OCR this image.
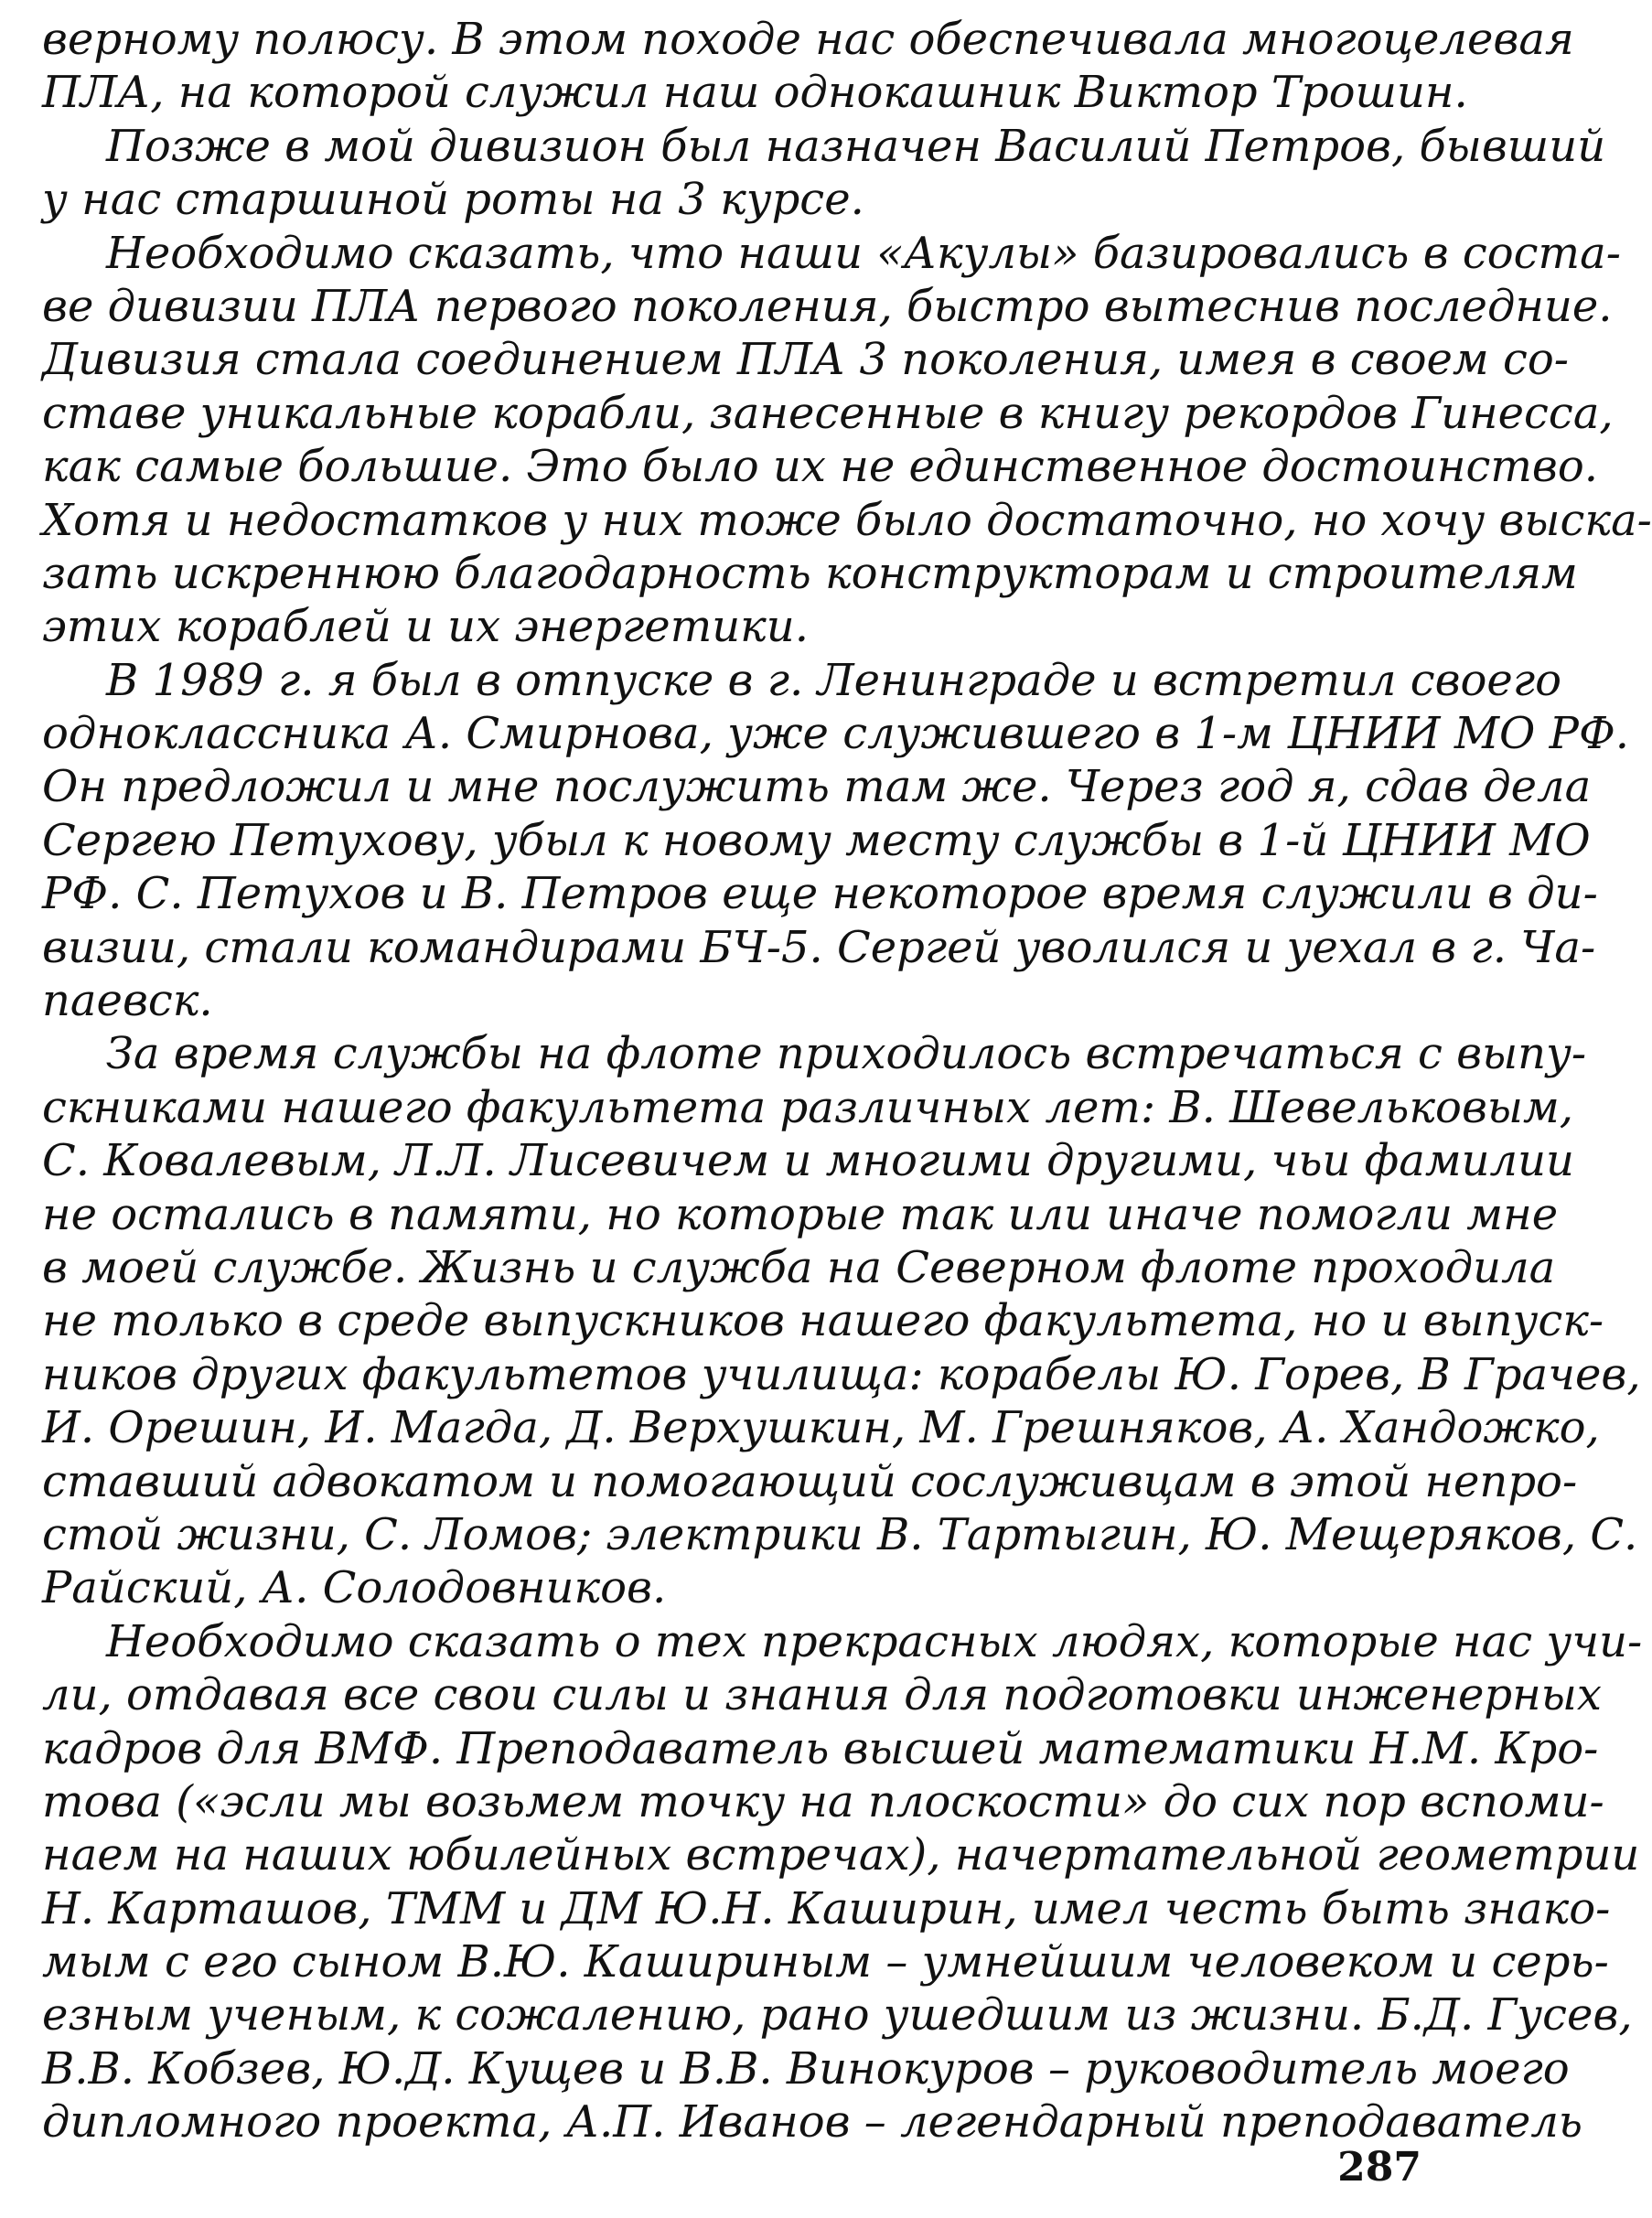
верному полюсу. В этом походе нас обеспечивала многоцелевая
ПЛА, на которой служил наш однокашник Виктор Трошин.
Позже в мой дивизион был назначен Василий Петров, бывший
у нас старшиной роты на 3 курсе.
Необходимо сказать, что наши «Акулы» базировались в соста-
ве дивизии ПЛА первого поколения, быстро вытеснив последние.
Дивизия стала соединением ПЛА 3 поколения, имея в своем со-
ставе уникальные корабли, занесенные в книгу рекордов Гинесса,
как самые большие. Это было их не единственное достоинство.
Хотя и недостатков у них тоже было достаточно, но хочу выска-
зать искреннюю благодарность конструкторам и строителям
этих кораблей и их энергетики.
В 1989 г. я был в отпуске в г. Ленинграде и встретил своего
одноклассника А. Смирнова, уже служившего в 1-м ЦНИИ МО РФ.
Он предложил и мне послужить там же. Через год я, сдав дела
Сергею Петухову, убыл к новому месту службы в 1-й ЦНИИ МО
РФ. С. Петухов и В. Петров еще некоторое время служили в ди-
визии, стали командирами БЧ-5. Сергей уволился и уехал в г. Ча-
паевск.
За время службы на флоте приходилось встречаться с выпу-
скниками нашего факультета различных лет: В. Шевельковым,
С. Ковалевым, Л.Л. Лисевичем и многими другими, чьи фамилии
не остались в памяти, но которые так или иначе помогли мне
в моей службе. Жизнь и служба на Северном флоте проходила
не только в среде выпускников нашего факультета, но и выпуск-
ников других факультетов училища: корабелы Ю. Горев, В Грачев,
И. Орешин, И. Магда, Д. Верхушкин, М. Грешняков, А. Хандожко,
ставший адвокатом и помогающий сослуживцам в этой непро-
стой жизни, С. Ломов; электрики В. Тартыгин, Ю. Мещеряков, С.
Райский, А. Солодовников.
Необходимо сказать о тех прекрасных людях, которые нас учи-
ли, отдавая все свои силы и знания для подготовки инженерных
кадров для ВМФ. Преподаватель высшей математики Н.М. Кро-
това («эсли мы возьмем точку на плоскости» до сих пор вспоми-
наем на наших юбилейных встречах), начертательной геометрии
Н. Карташов, ТММ и ДМ Ю.Н. Каширин, имел честь быть знако-
мым с его сыном В.Ю. Кашириным – умнейшим человеком и серь-
езным ученым, к сожалению, рано ушедшим из жизни. Б.Д. Гусев,
В.В. Кобзев, Ю.Д. Кущев и В.В. Винокуров – руководитель моего
дипломного проекта, А.П. Иванов – легендарный преподаватель
287
